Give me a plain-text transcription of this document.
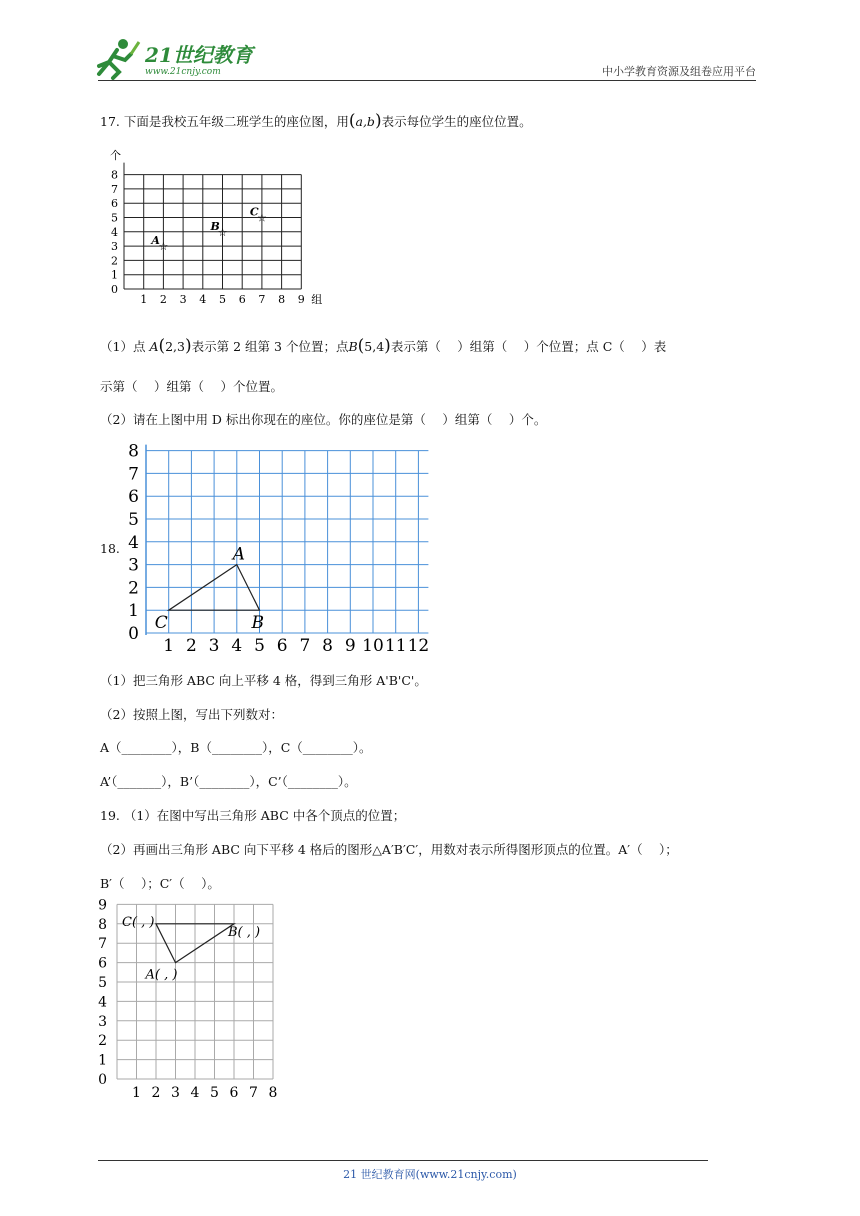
21世纪教育
www.21cnjy.com	中小学教育资源及组卷应用平台
17. 下面是我校五年级二班学生的座位图，用(a,b)表示每位学生的座位位置。
1 2 3 4 5 6 7 8 9
0
1
2
3
4
5
6
7
8
个
组
☆
A
☆
B
☆
C
（1）点 A(2,3)表示第 2 组第 3 个位置；点B(5,4)表示第（　 ）组第（　 ）个位置；点 C（　 ）表
示第（　 ）组第（　 ）个位置。
（2）请在上图中用 D 标出你现在的座位。你的座位是第（　 ）组第（　 ）个。
18.
1 2 3 4 5 6 7 8 9 10 11 12
0
1
2
3
4
5
6
7
8
A
B
C
（1）把三角形 ABC 向上平移 4 格，得到三角形 A'B'C'。
（2）按照上图，写出下列数对：
A（________），B（________），C（________）。
A’（_______），B’（________），C’（________）。
19. （1）在图中写出三角形 ABC 中各个顶点的位置；
（2）再画出三角形 ABC 向下平移 4 格后的图形△A′B′C′，用数对表示所得图形顶点的位置。A′（　 ）；
B′（　 ）；C′（　 ）。
1 2 3 4 5 6 7 8
0
1
2
3
4
5
6
7
8
9
A( , )
B( , )
C( , )
21 世纪教育网(www.21cnjy.com)
